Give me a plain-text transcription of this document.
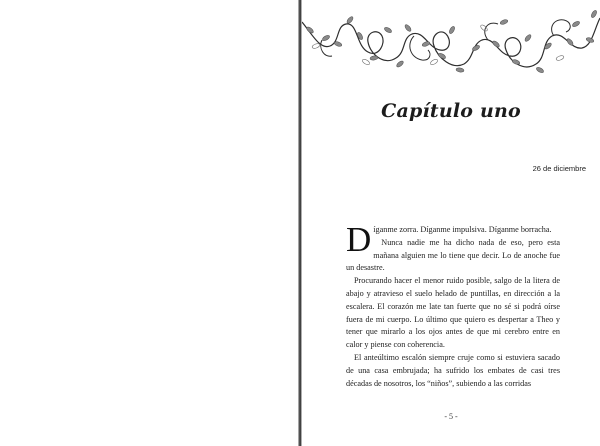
Capítulo uno
26 de diciembre

Díganme zorra. Díganme impulsiva. Díganme borracha.

Nunca nadie me ha dicho nada de eso, pero esta mañana alguien me lo tiene que decir. Lo de anoche fue un desastre.

Procurando hacer el menor ruido posible, salgo de la litera de abajo y atravieso el suelo helado de puntillas, en dirección a la escalera. El corazón me late tan fuerte que no sé si podrá oírse fuera de mi cuerpo. Lo último que quiero es despertar a Theo y tener que mirarlo a los ojos antes de que mi cerebro entre en calor y piense con coherencia.

El anteúltimo escalón siempre cruje como si estuviera sacado de una casa embrujada; ha sufrido los embates de casi tres décadas de nosotros, los “niños”, subiendo a las corridas

- 5 -
